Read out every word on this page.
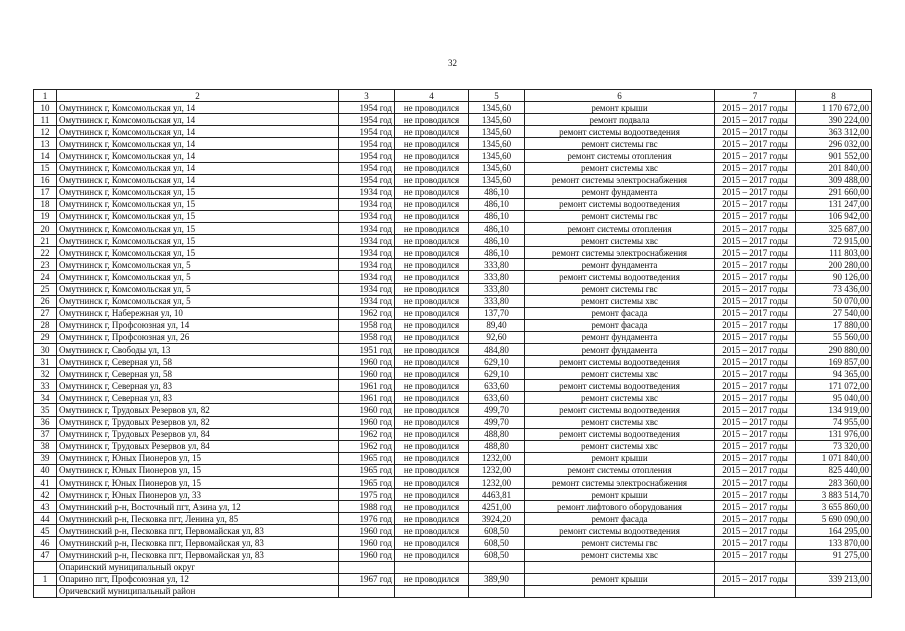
32
1	2	3	4	5	6	7	8
10	Омутнинск г, Комсомольская ул, 14	1954 год	не проводился	1345,60	ремонт крыши	2015 – 2017 годы	1 170 672,00
11	Омутнинск г, Комсомольская ул, 14	1954 год	не проводился	1345,60	ремонт подвала	2015 – 2017 годы	390 224,00
12	Омутнинск г, Комсомольская ул, 14	1954 год	не проводился	1345,60	ремонт системы водоотведения	2015 – 2017 годы	363 312,00
13	Омутнинск г, Комсомольская ул, 14	1954 год	не проводился	1345,60	ремонт системы гвс	2015 – 2017 годы	296 032,00
14	Омутнинск г, Комсомольская ул, 14	1954 год	не проводился	1345,60	ремонт системы отопления	2015 – 2017 годы	901 552,00
15	Омутнинск г, Комсомольская ул, 14	1954 год	не проводился	1345,60	ремонт системы хвс	2015 – 2017 годы	201 840,00
16	Омутнинск г, Комсомольская ул, 14	1954 год	не проводился	1345,60	ремонт системы электроснабжения	2015 – 2017 годы	309 488,00
17	Омутнинск г, Комсомольская ул, 15	1934 год	не проводился	486,10	ремонт фундамента	2015 – 2017 годы	291 660,00
18	Омутнинск г, Комсомольская ул, 15	1934 год	не проводился	486,10	ремонт системы водоотведения	2015 – 2017 годы	131 247,00
19	Омутнинск г, Комсомольская ул, 15	1934 год	не проводился	486,10	ремонт системы гвс	2015 – 2017 годы	106 942,00
20	Омутнинск г, Комсомольская ул, 15	1934 год	не проводился	486,10	ремонт системы отопления	2015 – 2017 годы	325 687,00
21	Омутнинск г, Комсомольская ул, 15	1934 год	не проводился	486,10	ремонт системы хвс	2015 – 2017 годы	72 915,00
22	Омутнинск г, Комсомольская ул, 15	1934 год	не проводился	486,10	ремонт системы электроснабжения	2015 – 2017 годы	111 803,00
23	Омутнинск г, Комсомольская ул, 5	1934 год	не проводился	333,80	ремонт фундамента	2015 – 2017 годы	200 280,00
24	Омутнинск г, Комсомольская ул, 5	1934 год	не проводился	333,80	ремонт системы водоотведения	2015 – 2017 годы	90 126,00
25	Омутнинск г, Комсомольская ул, 5	1934 год	не проводился	333,80	ремонт системы гвс	2015 – 2017 годы	73 436,00
26	Омутнинск г, Комсомольская ул, 5	1934 год	не проводился	333,80	ремонт системы хвс	2015 – 2017 годы	50 070,00
27	Омутнинск г, Набережная ул, 10	1962 год	не проводился	137,70	ремонт фасада	2015 – 2017 годы	27 540,00
28	Омутнинск г, Профсоюзная ул, 14	1958 год	не проводился	89,40	ремонт фасада	2015 – 2017 годы	17 880,00
29	Омутнинск г, Профсоюзная ул, 26	1958 год	не проводился	92,60	ремонт фундамента	2015 – 2017 годы	55 560,00
30	Омутнинск г, Свободы ул, 13	1951 год	не проводился	484,80	ремонт фундамента	2015 – 2017 годы	290 880,00
31	Омутнинск г, Северная ул, 58	1960 год	не проводился	629,10	ремонт системы водоотведения	2015 – 2017 годы	169 857,00
32	Омутнинск г, Северная ул, 58	1960 год	не проводился	629,10	ремонт системы хвс	2015 – 2017 годы	94 365,00
33	Омутнинск г, Северная ул, 83	1961 год	не проводился	633,60	ремонт системы водоотведения	2015 – 2017 годы	171 072,00
34	Омутнинск г, Северная ул, 83	1961 год	не проводился	633,60	ремонт системы хвс	2015 – 2017 годы	95 040,00
35	Омутнинск г, Трудовых Резервов ул, 82	1960 год	не проводился	499,70	ремонт системы водоотведения	2015 – 2017 годы	134 919,00
36	Омутнинск г, Трудовых Резервов ул, 82	1960 год	не проводился	499,70	ремонт системы хвс	2015 – 2017 годы	74 955,00
37	Омутнинск г, Трудовых Резервов ул, 84	1962 год	не проводился	488,80	ремонт системы водоотведения	2015 – 2017 годы	131 976,00
38	Омутнинск г, Трудовых Резервов ул, 84	1962 год	не проводился	488,80	ремонт системы хвс	2015 – 2017 годы	73 320,00
39	Омутнинск г, Юных Пионеров ул, 15	1965 год	не проводился	1232,00	ремонт крыши	2015 – 2017 годы	1 071 840,00
40	Омутнинск г, Юных Пионеров ул, 15	1965 год	не проводился	1232,00	ремонт системы отопления	2015 – 2017 годы	825 440,00
41	Омутнинск г, Юных Пионеров ул, 15	1965 год	не проводился	1232,00	ремонт системы электроснабжения	2015 – 2017 годы	283 360,00
42	Омутнинск г, Юных Пионеров ул, 33	1975 год	не проводился	4463,81	ремонт крыши	2015 – 2017 годы	3 883 514,70
43	Омутнинский р-н, Восточный пгт, Азина ул, 12	1988 год	не проводился	4251,00	ремонт лифтового оборудования	2015 – 2017 годы	3 655 860,00
44	Омутнинский р-н, Песковка пгт, Ленина ул, 85	1976 год	не проводился	3924,20	ремонт фасада	2015 – 2017 годы	5 690 090,00
45	Омутнинский р-н, Песковка пгт, Первомайская ул, 83	1960 год	не проводился	608,50	ремонт системы водоотведения	2015 – 2017 годы	164 295,00
46	Омутнинский р-н, Песковка пгт, Первомайская ул, 83	1960 год	не проводился	608,50	ремонт системы гвс	2015 – 2017 годы	133 870,00
47	Омутнинский р-н, Песковка пгт, Первомайская ул, 83	1960 год	не проводился	608,50	ремонт системы хвс	2015 – 2017 годы	91 275,00
	Опаринский муниципальный округ						
1	Опарино пгт, Профсоюзная ул, 12	1967 год	не проводился	389,90	ремонт крыши	2015 – 2017 годы	339 213,00
	Оричевский муниципальный район						
